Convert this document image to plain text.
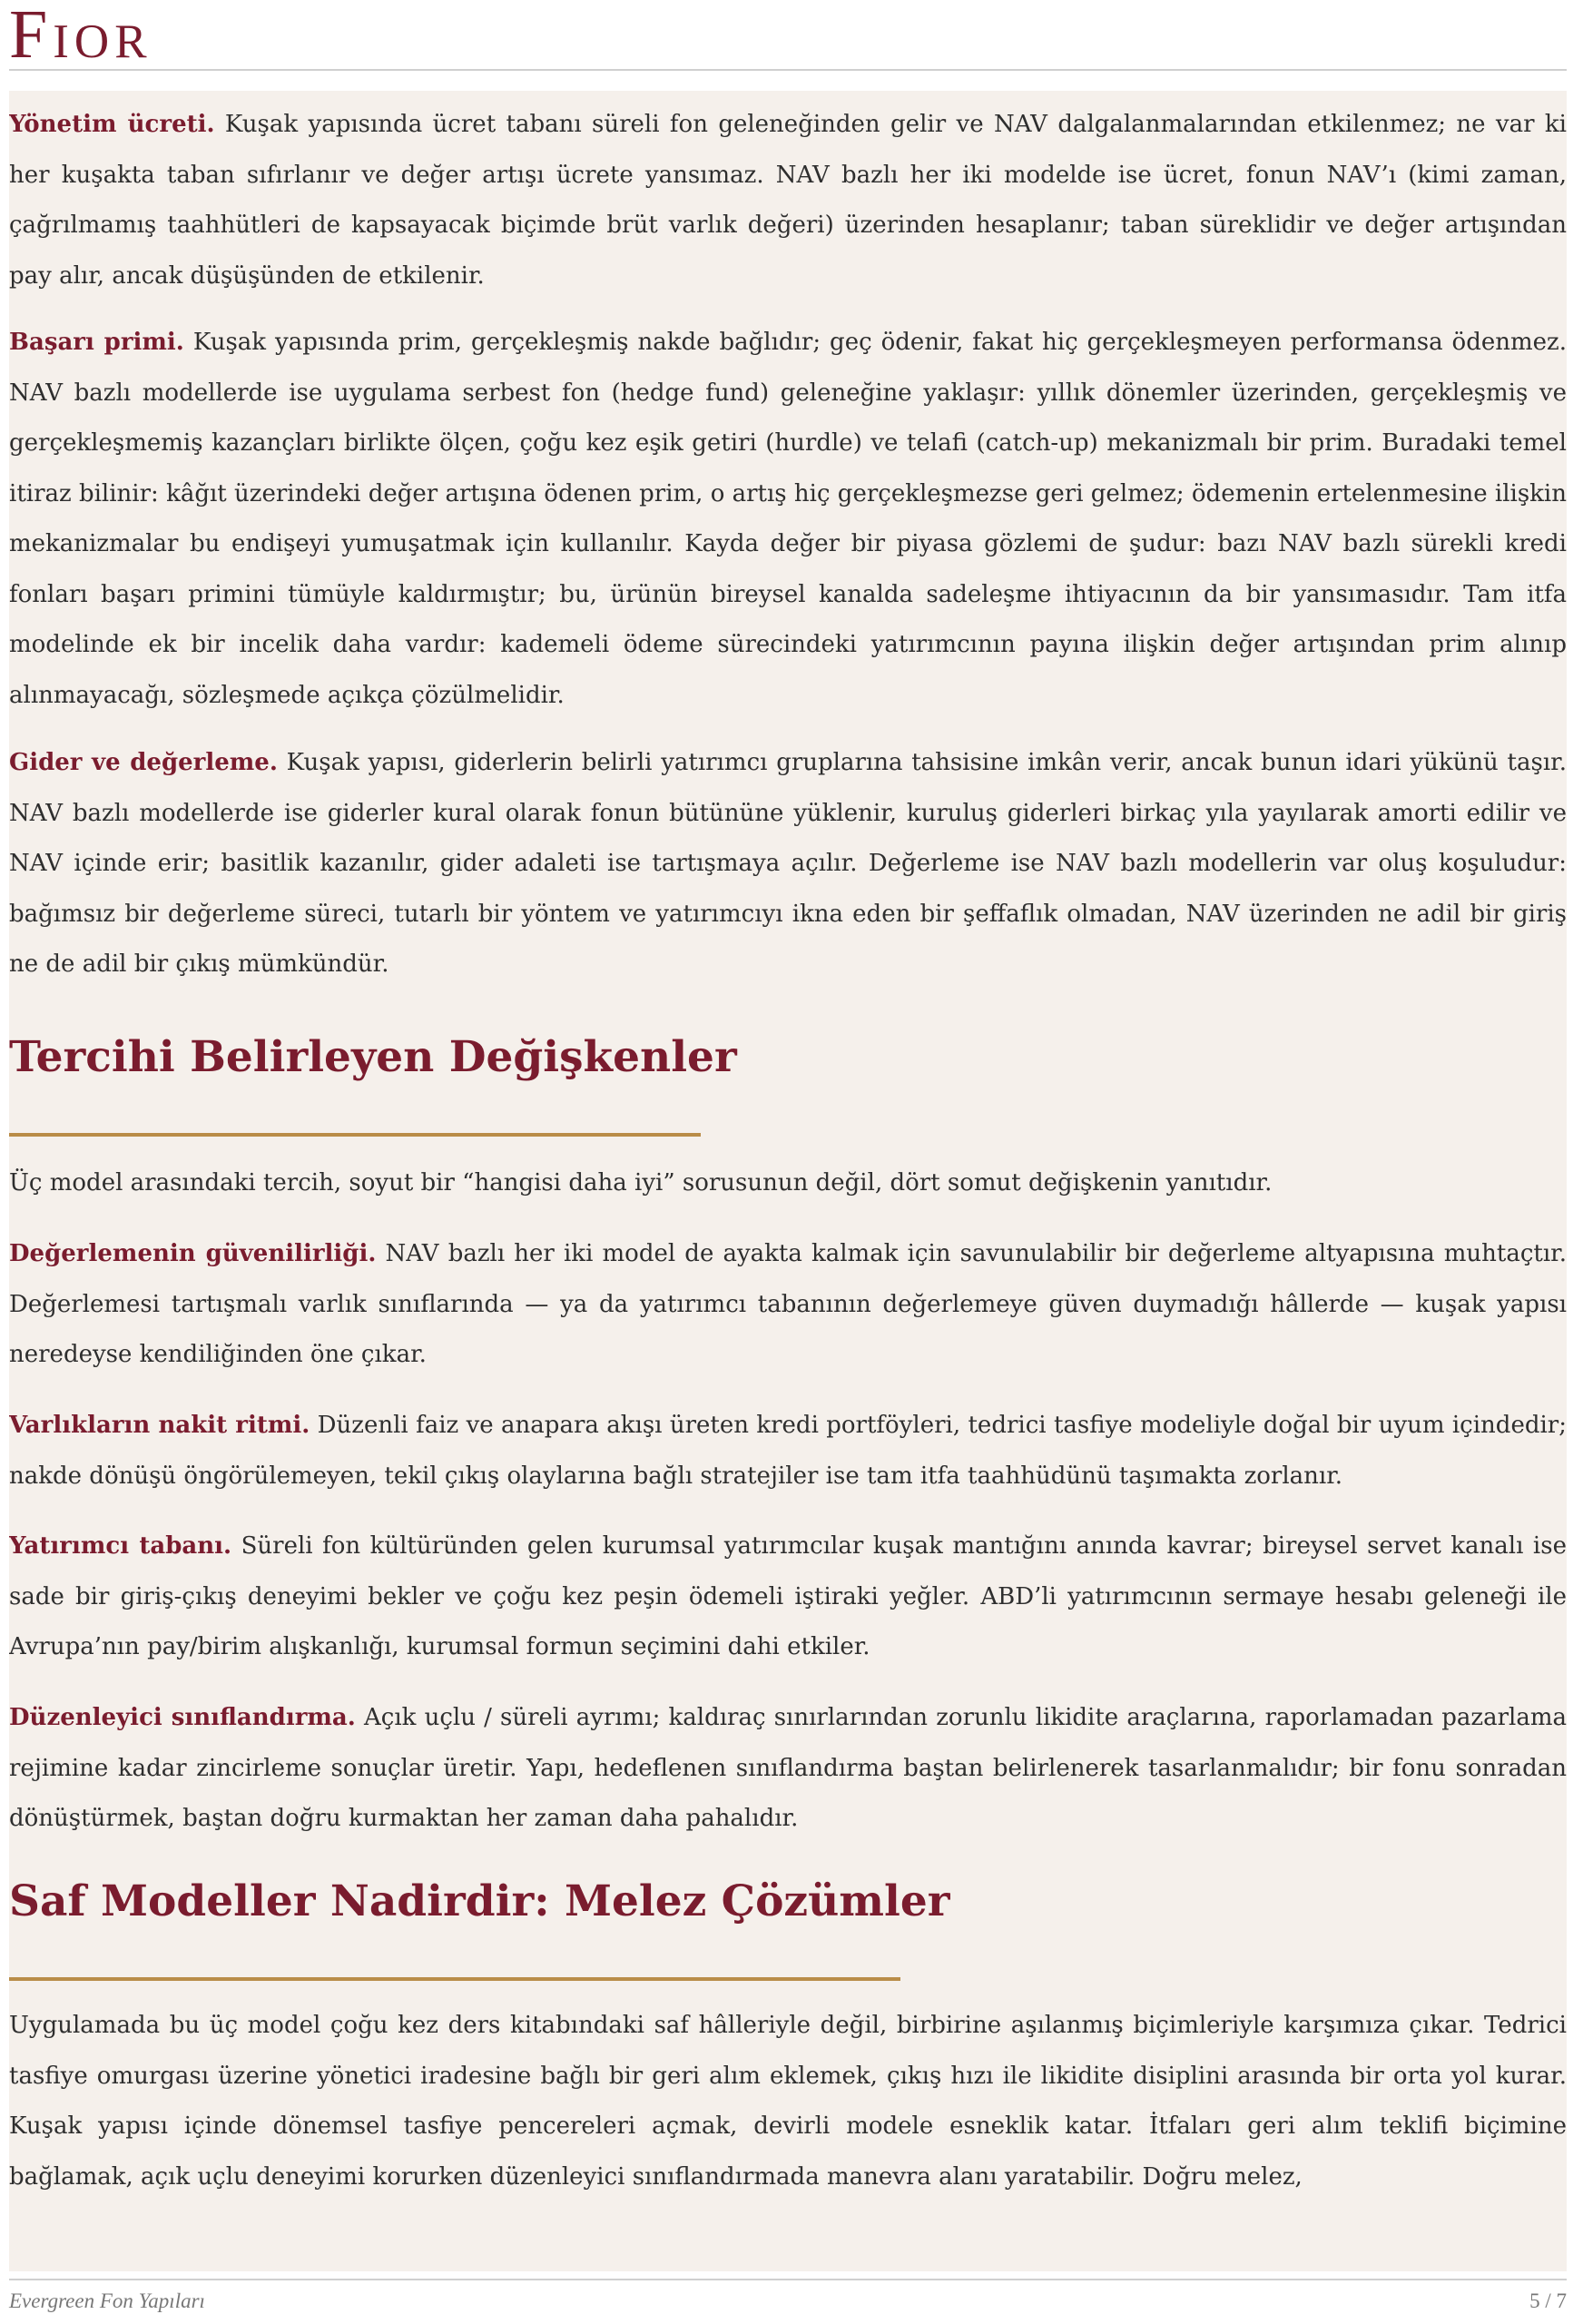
Fior

Yönetim ücreti. Kuşak yapısında ücret tabanı süreli fon geleneğinden gelir ve NAV dalgalanmalarından etkilenmez; ne var ki her kuşakta taban sıfırlanır ve değer artışı ücrete yansımaz. NAV bazlı her iki modelde ise ücret, fonun NAV’ı (kimi zaman, çağrılmamış taahhütleri de kapsayacak biçimde brüt varlık değeri) üzerinden hesaplanır; taban süreklidir ve değer artışından pay alır, ancak düşüşünden de etkilenir.

Başarı primi. Kuşak yapısında prim, gerçekleşmiş nakde bağlıdır; geç ödenir, fakat hiç gerçekleşmeyen performansa ödenmez. NAV bazlı modellerde ise uygulama serbest fon (hedge fund) geleneğine yaklaşır: yıllık dönemler üzerinden, gerçekleşmiş ve gerçekleşmemiş kazançları birlikte ölçen, çoğu kez eşik getiri (hurdle) ve telafi (catch-up) mekanizmalı bir prim. Buradaki temel itiraz bilinir: kâğıt üzerindeki değer artışına ödenen prim, o artış hiç gerçekleşmezse geri gelmez; ödemenin ertelenmesine ilişkin mekanizmalar bu endişeyi yumuşatmak için kullanılır. Kayda değer bir piyasa gözlemi de şudur: bazı NAV bazlı sürekli kredi fonları başarı primini tümüyle kaldırmıştır; bu, ürünün bireysel kanalda sadeleşme ihtiyacının da bir yansımasıdır. Tam itfa modelinde ek bir incelik daha vardır: kademeli ödeme sürecindeki yatırımcının payına ilişkin değer artışından prim alınıp alınmayacağı, sözleşmede açıkça çözülmelidir.

Gider ve değerleme. Kuşak yapısı, giderlerin belirli yatırımcı gruplarına tahsisine imkân verir, ancak bunun idari yükünü taşır. NAV bazlı modellerde ise giderler kural olarak fonun bütününe yüklenir, kuruluş giderleri birkaç yıla yayılarak amorti edilir ve NAV içinde erir; basitlik kazanılır, gider adaleti ise tartışmaya açılır. Değerleme ise NAV bazlı modellerin var oluş koşuludur: bağımsız bir değerleme süreci, tutarlı bir yöntem ve yatırımcıyı ikna eden bir şeffaflık olmadan, NAV üzerinden ne adil bir giriş ne de adil bir çıkış mümkündür.

Tercihi Belirleyen Değişkenler

Üç model arasındaki tercih, soyut bir “hangisi daha iyi” sorusunun değil, dört somut değişkenin yanıtıdır.

Değerlemenin güvenilirliği. NAV bazlı her iki model de ayakta kalmak için savunulabilir bir değerleme altyapısına muhtaçtır. Değerlemesi tartışmalı varlık sınıflarında — ya da yatırımcı tabanının değerlemeye güven duymadığı hâllerde — kuşak yapısı neredeyse kendiliğinden öne çıkar.

Varlıkların nakit ritmi. Düzenli faiz ve anapara akışı üreten kredi portföyleri, tedrici tasfiye modeliyle doğal bir uyum içindedir; nakde dönüşü öngörülemeyen, tekil çıkış olaylarına bağlı stratejiler ise tam itfa taahhüdünü taşımakta zorlanır.

Yatırımcı tabanı. Süreli fon kültüründen gelen kurumsal yatırımcılar kuşak mantığını anında kavrar; bireysel servet kanalı ise sade bir giriş-çıkış deneyimi bekler ve çoğu kez peşin ödemeli iştiraki yeğler. ABD’li yatırımcının sermaye hesabı geleneği ile Avrupa’nın pay/birim alışkanlığı, kurumsal formun seçimini dahi etkiler.

Düzenleyici sınıflandırma. Açık uçlu / süreli ayrımı; kaldıraç sınırlarından zorunlu likidite araçlarına, raporlamadan pazarlama rejimine kadar zincirleme sonuçlar üretir. Yapı, hedeflenen sınıflandırma baştan belirlenerek tasarlanmalıdır; bir fonu sonradan dönüştürmek, baştan doğru kurmaktan her zaman daha pahalıdır.

Saf Modeller Nadirdir: Melez Çözümler

Uygulamada bu üç model çoğu kez ders kitabındaki saf hâlleriyle değil, birbirine aşılanmış biçimleriyle karşımıza çıkar. Tedrici tasfiye omurgası üzerine yönetici iradesine bağlı bir geri alım eklemek, çıkış hızı ile likidite disiplini arasında bir orta yol kurar. Kuşak yapısı içinde dönemsel tasfiye pencereleri açmak, devirli modele esneklik katar. İtfaları geri alım teklifi biçimine bağlamak, açık uçlu deneyimi korurken düzenleyici sınıflandırmada manevra alanı yaratabilir. Doğru melez,

Evergreen Fon Yapıları	5 / 7
